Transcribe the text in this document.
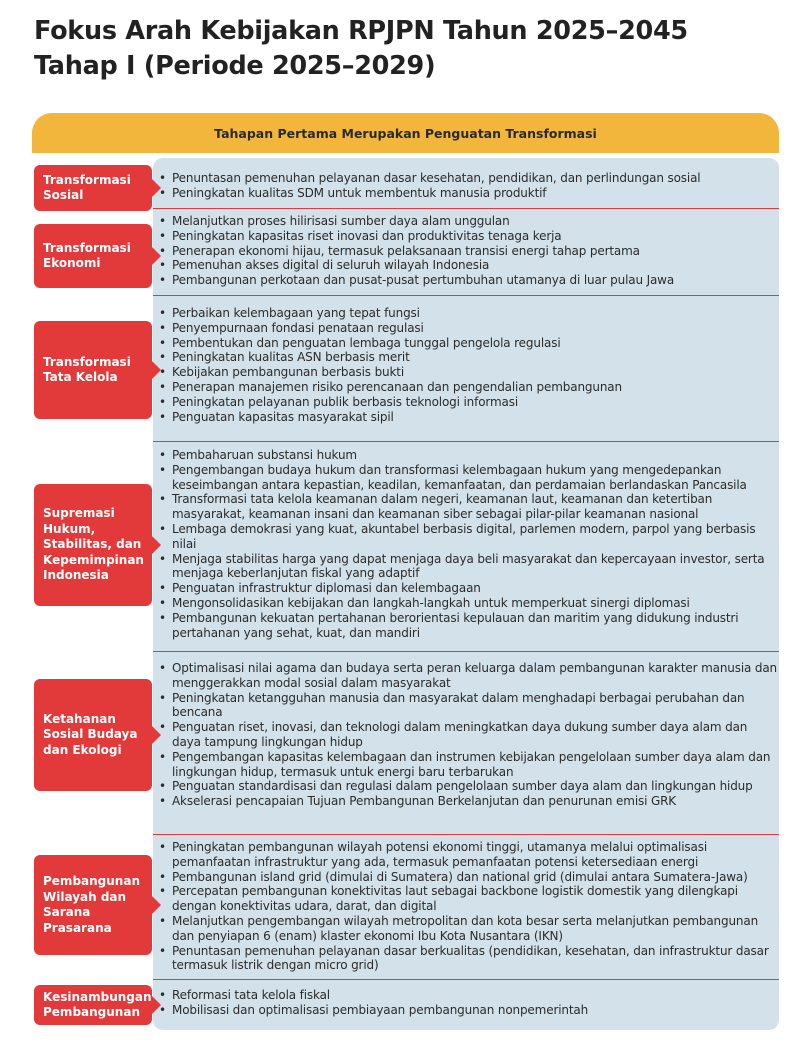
Fokus Arah Kebijakan RPJPN Tahun 2025–2045
Tahap I (Periode 2025–2029)
Tahapan Pertama Merupakan Penguatan Transformasi
Transformasi
Sosial
• Penuntasan pemenuhan pelayanan dasar kesehatan, pendidikan, dan perlindungan sosial
• Peningkatan kualitas SDM untuk membentuk manusia produktif
Transformasi
Ekonomi
• Melanjutkan proses hilirisasi sumber daya alam unggulan
• Peningkatan kapasitas riset inovasi dan produktivitas tenaga kerja
• Penerapan ekonomi hijau, termasuk pelaksanaan transisi energi tahap pertama
• Pemenuhan akses digital di seluruh wilayah Indonesia
• Pembangunan perkotaan dan pusat-pusat pertumbuhan utamanya di luar pulau Jawa
Transformasi
Tata Kelola
• Perbaikan kelembagaan yang tepat fungsi
• Penyempurnaan fondasi penataan regulasi
• Pembentukan dan penguatan lembaga tunggal pengelola regulasi
• Peningkatan kualitas ASN berbasis merit
• Kebijakan pembangunan berbasis bukti
• Penerapan manajemen risiko perencanaan dan pengendalian pembangunan
• Peningkatan pelayanan publik berbasis teknologi informasi
• Penguatan kapasitas masyarakat sipil
Supremasi
Hukum,
Stabilitas, dan
Kepemimpinan
Indonesia
• Pembaharuan substansi hukum
• Pengembangan budaya hukum dan transformasi kelembagaan hukum yang mengedepankan keseimbangan antara kepastian, keadilan, kemanfaatan, dan perdamaian berlandaskan Pancasila
• Transformasi tata kelola keamanan dalam negeri, keamanan laut, keamanan dan ketertiban masyarakat, keamanan insani dan keamanan siber sebagai pilar-pilar keamanan nasional
• Lembaga demokrasi yang kuat, akuntabel berbasis digital, parlemen modern, parpol yang berbasis nilai
• Menjaga stabilitas harga yang dapat menjaga daya beli masyarakat dan kepercayaan investor, serta menjaga keberlanjutan fiskal yang adaptif
• Penguatan infrastruktur diplomasi dan kelembagaan
• Mengonsolidasikan kebijakan dan langkah-langkah untuk memperkuat sinergi diplomasi
• Pembangunan kekuatan pertahanan berorientasi kepulauan dan maritim yang didukung industri pertahanan yang sehat, kuat, dan mandiri
Ketahanan
Sosial Budaya
dan Ekologi
• Optimalisasi nilai agama dan budaya serta peran keluarga dalam pembangunan karakter manusia dan menggerakkan modal sosial dalam masyarakat
• Peningkatan ketangguhan manusia dan masyarakat dalam menghadapi berbagai perubahan dan bencana
• Penguatan riset, inovasi, dan teknologi dalam meningkatkan daya dukung sumber daya alam dan daya tampung lingkungan hidup
• Pengembangan kapasitas kelembagaan dan instrumen kebijakan pengelolaan sumber daya alam dan lingkungan hidup, termasuk untuk energi baru terbarukan
• Penguatan standardisasi dan regulasi dalam pengelolaan sumber daya alam dan lingkungan hidup
• Akselerasi pencapaian Tujuan Pembangunan Berkelanjutan dan penurunan emisi GRK
Pembangunan
Wilayah dan
Sarana
Prasarana
• Peningkatan pembangunan wilayah potensi ekonomi tinggi, utamanya melalui optimalisasi pemanfaatan infrastruktur yang ada, termasuk pemanfaatan potensi ketersediaan energi
• Pembangunan island grid (dimulai di Sumatera) dan national grid (dimulai antara Sumatera-Jawa)
• Percepatan pembangunan konektivitas laut sebagai backbone logistik domestik yang dilengkapi dengan konektivitas udara, darat, dan digital
• Melanjutkan pengembangan wilayah metropolitan dan kota besar serta melanjutkan pembangunan dan penyiapan 6 (enam) klaster ekonomi Ibu Kota Nusantara (IKN)
• Penuntasan pemenuhan pelayanan dasar berkualitas (pendidikan, kesehatan, dan infrastruktur dasar termasuk listrik dengan micro grid)
Kesinambungan
Pembangunan
• Reformasi tata kelola fiskal
• Mobilisasi dan optimalisasi pembiayaan pembangunan nonpemerintah
